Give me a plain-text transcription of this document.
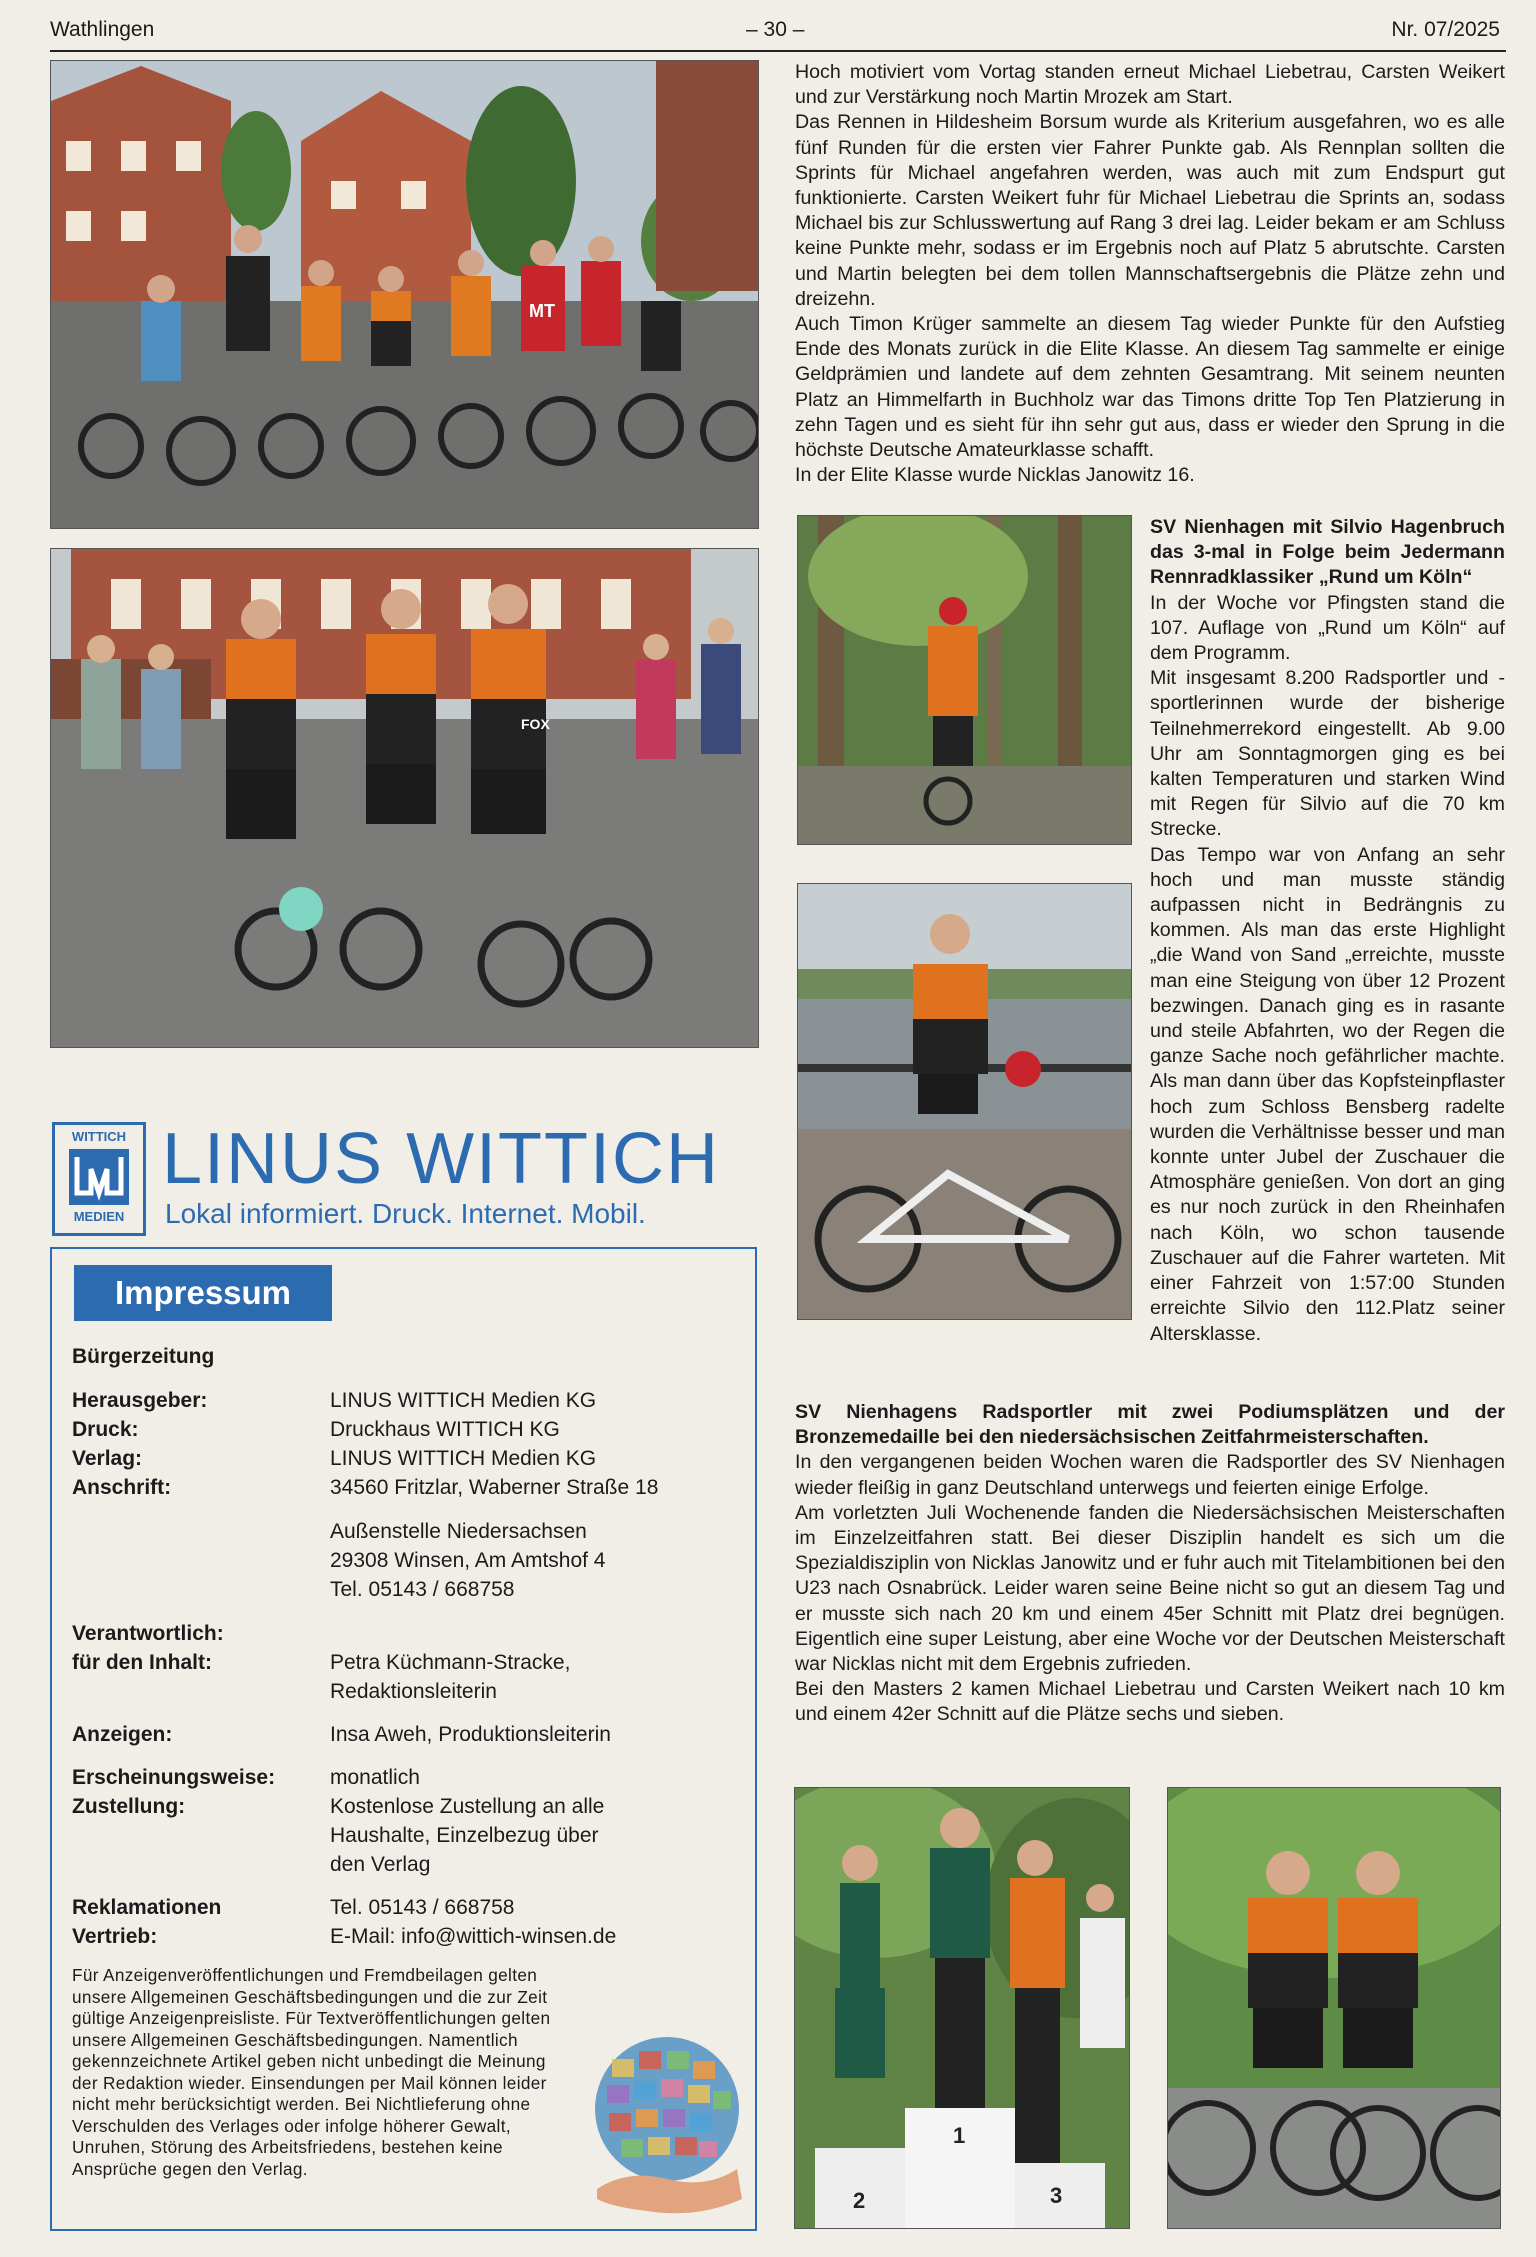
Wathlingen	– 30 –	Nr. 07/2025
MT
FOX

Hoch motiviert vom Vortag standen erneut Michael Liebetrau, Carsten Weikert und zur Verstärkung noch Martin Mrozek am Start.

Das Rennen in Hildesheim Borsum wurde als Kriterium ausgefahren, wo es alle fünf Runden für die ersten vier Fahrer Punkte gab. Als Rennplan sollten die Sprints für Michael angefahren werden, was auch mit zum Endspurt gut funktionierte. Carsten Weikert fuhr für Michael Liebetrau die Sprints an, sodass Michael bis zur Schlusswertung auf Rang 3 drei lag. Leider bekam er am Schluss keine Punkte mehr, sodass er im Ergebnis noch auf Platz 5 abrutschte. Carsten und Martin belegten bei dem tollen Mannschaftsergebnis die Plätze zehn und dreizehn.

Auch Timon Krüger sammelte an diesem Tag wieder Punkte für den Aufstieg Ende des Monats zurück in die Elite Klasse. An diesem Tag sammelte er einige Geldprämien und landete auf dem zehnten Gesamtrang. Mit seinem neunten Platz an Himmelfarth in Buchholz war das Timons dritte Top Ten Platzierung in zehn Tagen und es sieht für ihn sehr gut aus, dass er wieder den Sprung in die höchste Deutsche Amateurklasse schafft.

In der Elite Klasse wurde Nicklas Janowitz 16.

SV Nienhagen mit Silvio Hagenbruch das 3-mal in Folge beim Jedermann Rennradklassiker „Rund um Köln“

In der Woche vor Pfingsten stand die 107. Auflage von „Rund um Köln“ auf dem Programm.

Mit insgesamt 8.200 Radsportler und -sportlerinnen wurde der bisherige Teilnehmerrekord eingestellt. Ab 9.00 Uhr am Sonntagmorgen ging es bei kalten Temperaturen und starken Wind mit Regen für Silvio auf die 70 km Strecke.

Das Tempo war von Anfang an sehr hoch und man musste ständig aufpassen nicht in Bedrängnis zu kommen. Als man das erste Highlight „die Wand von Sand „erreichte, musste man eine Steigung von über 12 Prozent bezwingen. Danach ging es in rasante und steile Abfahrten, wo der Regen die ganze Sache noch gefährlicher machte. Als man dann über das Kopfsteinpflaster hoch zum Schloss Bensberg radelte wurden die Verhältnisse besser und man konnte unter Jubel der Zuschauer die Atmosphäre genießen. Von dort an ging es nur noch zurück in den Rheinhafen nach Köln, wo schon tausende Zuschauer auf die Fahrer warteten. Mit einer Fahrzeit von 1:57:00 Stunden erreichte Silvio den 112.Platz seiner Altersklasse.

SV Nienhagens Radsportler mit zwei Podiumsplätzen und der Bronzemedaille bei den niedersächsischen Zeitfahrmeisterschaften.

In den vergangenen beiden Wochen waren die Radsportler des SV Nienhagen wieder fleißig in ganz Deutschland unterwegs und feierten einige Erfolge.

Am vorletzten Juli Wochenende fanden die Niedersächsischen Meisterschaften im Einzelzeitfahren statt. Bei dieser Disziplin handelt es sich um die Spezialdisziplin von Nicklas Janowitz und er fuhr auch mit Titelambitionen bei den U23 nach Osnabrück. Leider waren seine Beine nicht so gut an diesem Tag und er musste sich nach 20 km und einem 45er Schnitt mit Platz drei begnügen. Eigentlich eine super Leistung, aber eine Woche vor der Deutschen Meisterschaft war Nicklas nicht mit dem Ergebnis zufrieden.

Bei den Masters 2 kamen Michael Liebetrau und Carsten Weikert nach 10 km und einem 42er Schnitt auf die Plätze sechs und sieben.

2
1
3
WITTICH
MEDIEN
LINUS WITTICH
Lokal informiert. Druck. Internet. Mobil.
Impressum
Bürgerzeitung
Herausgeber:	LINUS WITTICH Medien KG
Druck:	Druckhaus WITTICH KG
Verlag:	LINUS WITTICH Medien KG
Anschrift:	34560 Fritzlar, Waberner Straße 18
Außenstelle Niedersachsen
29308 Winsen, Am Amtshof 4
Tel. 05143 / 668758
Verantwortlich:
für den Inhalt:	Petra Küchmann-Stracke,
Redaktionsleiterin
Anzeigen:	Insa Aweh, Produktionsleiterin
Erscheinungsweise:	monatlich
Zustellung:	Kostenlose Zustellung an alle
Haushalte, Einzelbezug über
den Verlag
Reklamationen	Tel. 05143 / 668758
Vertrieb:	E-Mail: info@wittich-winsen.de
Für Anzeigenveröffentlichungen und Fremdbeilagen gelten unsere Allgemeinen Geschäftsbedingungen und die zur Zeit gültige Anzeigenpreisliste. Für Textveröffentlichungen gelten unsere Allgemeinen Geschäftsbedingungen. Namentlich gekennzeichnete Artikel geben nicht unbedingt die Meinung der Redaktion wieder. Einsendungen per Mail können leider nicht mehr berücksichtigt werden. Bei Nichtlieferung ohne Verschulden des Verlages oder infolge höherer Gewalt, Unruhen, Störung des Arbeitsfriedens, bestehen keine Ansprüche gegen den Verlag.
